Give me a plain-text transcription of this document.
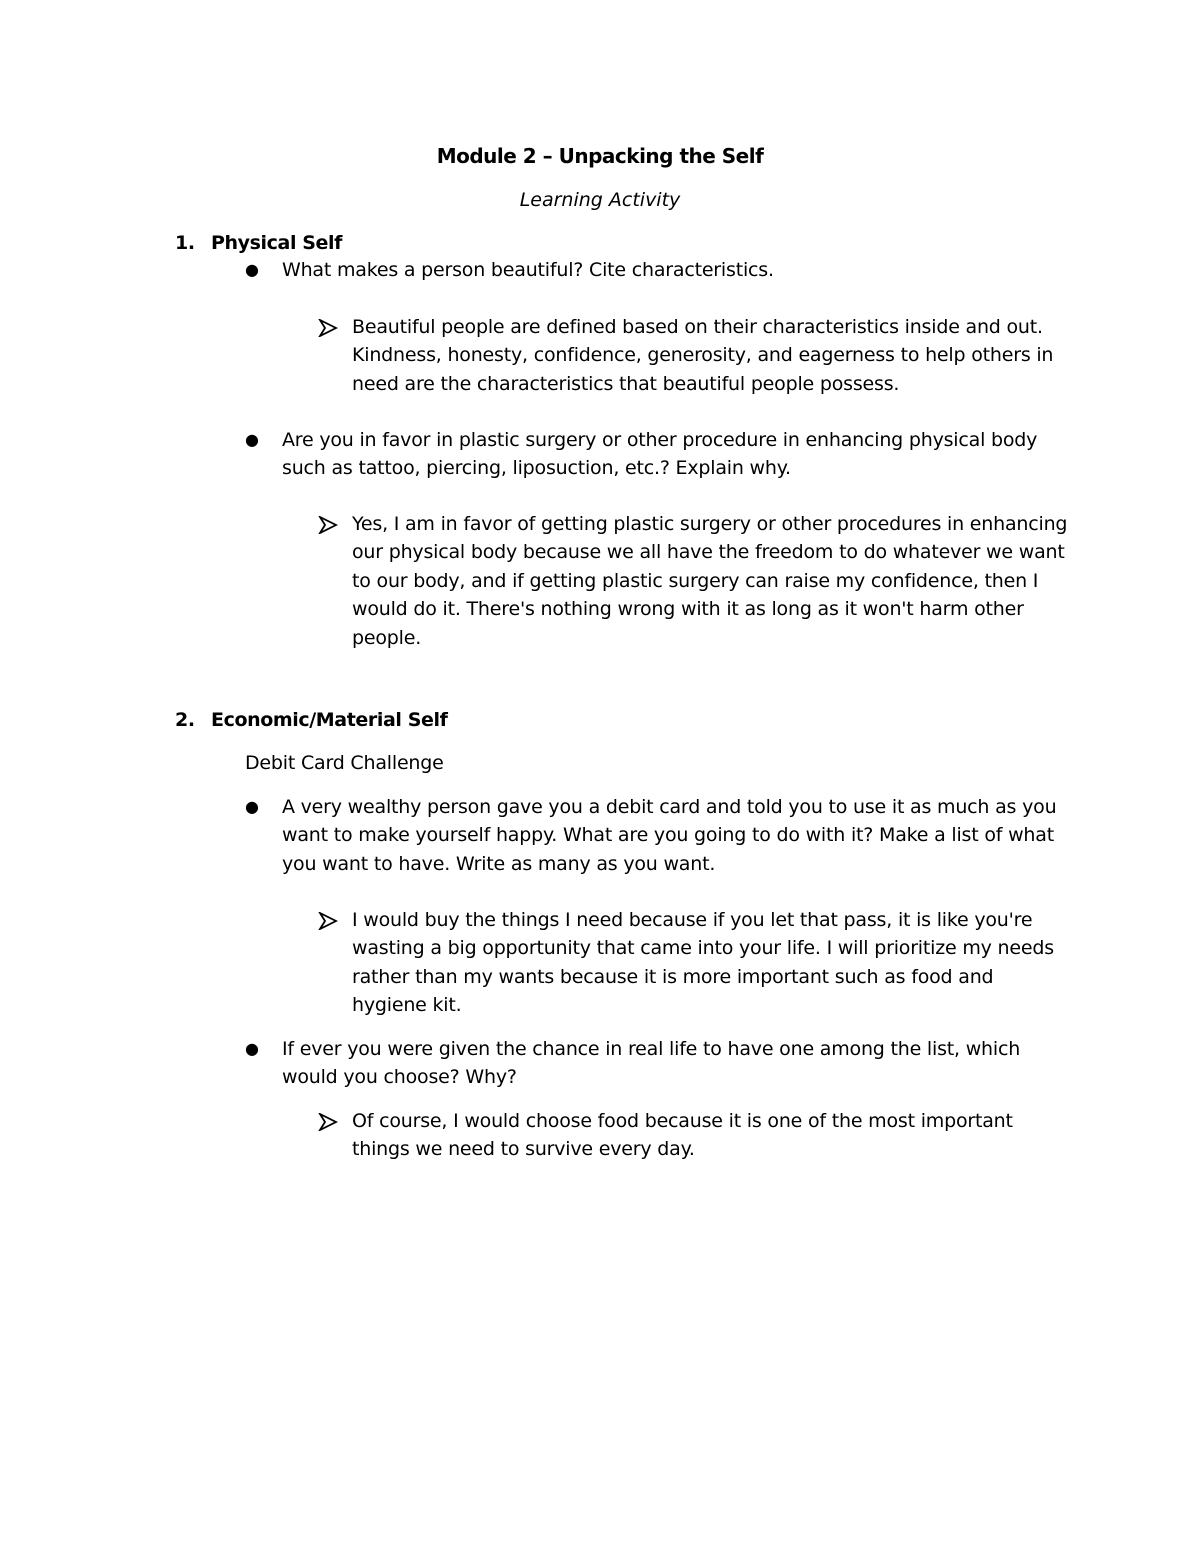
Module 2 – Unpacking the Self
Learning Activity
1. Physical Self
●	What makes a person beautiful? Cite characteristics.
Beautiful people are defined based on their characteristics inside and out. Kindness, honesty, confidence, generosity, and eagerness to help others in need are the characteristics that beautiful people possess.
●	Are you in favor in plastic surgery or other procedure in enhancing physical body such as tattoo, piercing, liposuction, etc.? Explain why.
Yes, I am in favor of getting plastic surgery or other procedures in enhancing our physical body because we all have the freedom to do whatever we want to our body, and if getting plastic surgery can raise my confidence, then I would do it. There's nothing wrong with it as long as it won't harm other people.
2. Economic/Material Self
Debit Card Challenge
●	A very wealthy person gave you a debit card and told you to use it as much as you want to make yourself happy. What are you going to do with it? Make a list of what you want to have. Write as many as you want.
I would buy the things I need because if you let that pass, it is like you're wasting a big opportunity that came into your life. I will prioritize my needs rather than my wants because it is more important such as food and hygiene kit.
●	If ever you were given the chance in real life to have one among the list, which would you choose? Why?
Of course, I would choose food because it is one of the most important things we need to survive every day.
